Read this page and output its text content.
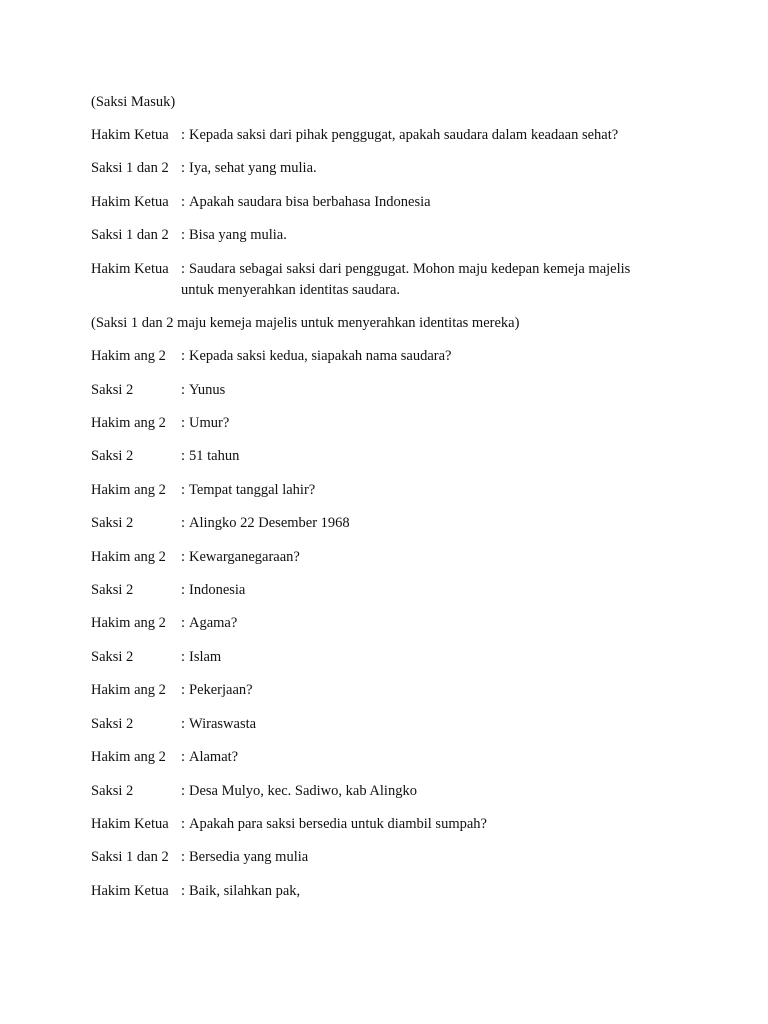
(Saksi Masuk)
Hakim Ketua : Kepada saksi dari pihak penggugat, apakah saudara dalam keadaan sehat?
Saksi 1 dan 2 : Iya, sehat yang mulia.
Hakim Ketua : Apakah saudara bisa berbahasa Indonesia
Saksi 1 dan 2 : Bisa yang mulia.
Hakim Ketua : Saudara sebagai saksi dari penggugat. Mohon maju kedepan kemeja majelis
untuk menyerahkan identitas saudara.
(Saksi 1 dan 2 maju kemeja majelis untuk menyerahkan identitas mereka)
Hakim ang 2	: Kepada saksi kedua, siapakah nama saudara?
Saksi 2	: Yunus
Hakim ang 2	: Umur?
Saksi 2	: 51 tahun
Hakim ang 2	: Tempat tanggal lahir?
Saksi 2	: Alingko 22 Desember 1968
Hakim ang 2	: Kewarganegaraan?
Saksi 2	: Indonesia
Hakim ang 2	: Agama?
Saksi 2	: Islam
Hakim ang 2	: Pekerjaan?
Saksi 2	: Wiraswasta
Hakim ang 2	: Alamat?
Saksi 2	: Desa Mulyo, kec. Sadiwo, kab Alingko
Hakim Ketua : Apakah para saksi bersedia untuk diambil sumpah?
Saksi 1 dan 2 : Bersedia yang mulia
Hakim Ketua : Baik, silahkan pak,
